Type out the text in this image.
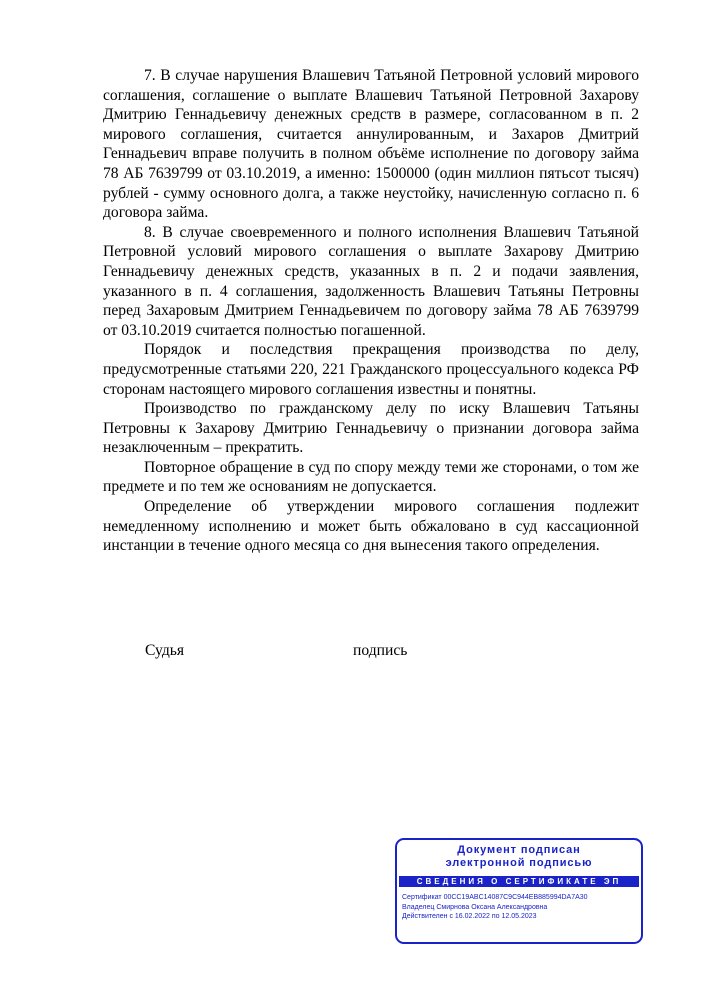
7. В случае нарушения Влашевич Татьяной Петровной условий мирового соглашения, соглашение о выплате Влашевич Татьяной Петровной Захарову Дмитрию Геннадьевичу денежных средств в размере, согласованном в п. 2 мирового соглашения, считается аннулированным, и Захаров Дмитрий Геннадьевич вправе получить в полном объёме исполнение по договору займа 78 АБ 7639799 от 03.10.2019, а именно: 1500000 (один миллион пятьсот тысяч) рублей - сумму основного долга, а также неустойку, начисленную согласно п. 6 договора займа.

8. В случае своевременного и полного исполнения Влашевич Татьяной Петровной условий мирового соглашения о выплате Захарову Дмитрию Геннадьевичу денежных средств, указанных в п. 2 и подачи заявления, указанного в п. 4 соглашения, задолженность Влашевич Татьяны Петровны перед Захаровым Дмитрием Геннадьевичем по договору займа 78 АБ 7639799 от 03.10.2019 считается полностью погашенной.

Порядок и последствия прекращения производства по делу, предусмотренные статьями 220, 221 Гражданского процессуального кодекса РФ сторонам настоящего мирового соглашения известны и понятны.

Производство по гражданскому делу по иску Влашевич Татьяны Петровны к Захарову Дмитрию Геннадьевичу о признании договора займа незаключенным – прекратить.

Повторное обращение в суд по спору между теми же сторонами, о том же предмете и по тем же основаниям не допускается.

Определение об утверждении мирового соглашения подлежит немедленному исполнению и может быть обжаловано в суд кассационной инстанции в течение одного месяца со дня вынесения такого определения.

Судья	подпись
Документ подписан
электронной подписью
СВЕДЕНИЯ О СЕРТИФИКАТЕ ЭП
Сертификат 00CC19ABC14087C9C944EB885994DA7A30
Владелец Смирнова Оксана Александровна
Действителен с 16.02.2022 по 12.05.2023
